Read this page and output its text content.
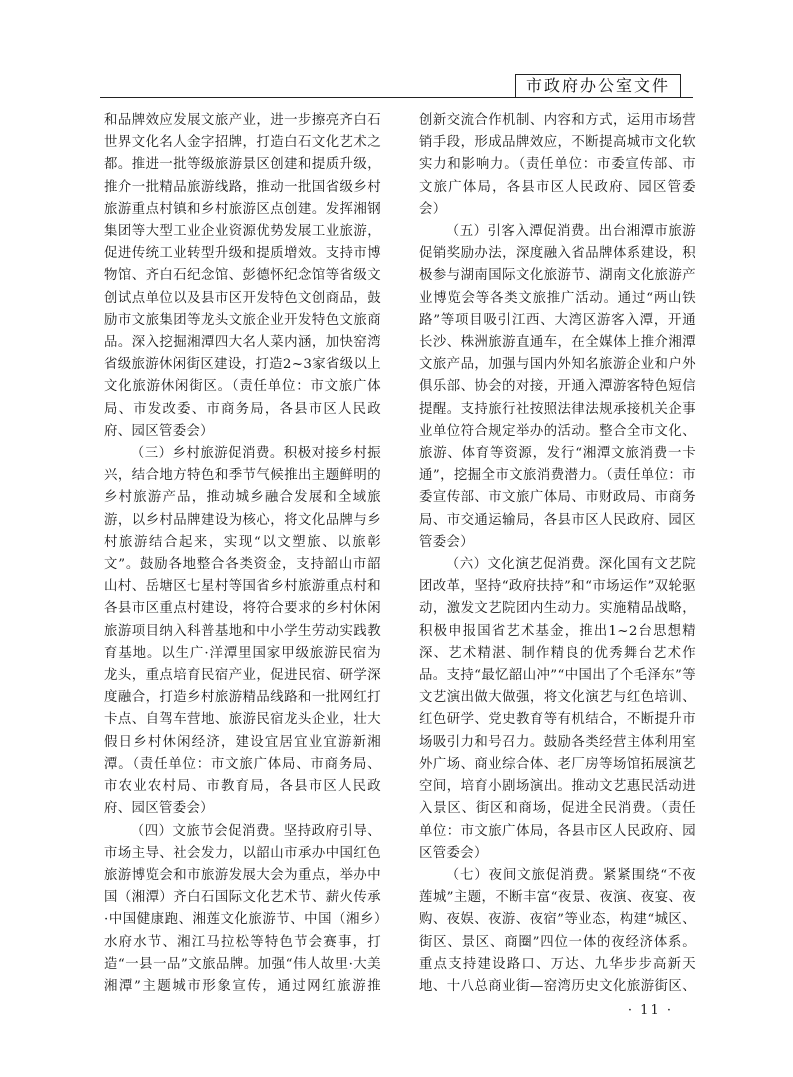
市政府办公室文件

和品牌效应发展文旅产业，进一步擦亮齐白石世界文化名人金字招牌，打造白石文化艺术之都。推进一批等级旅游景区创建和提质升级，推介一批精品旅游线路，推动一批国省级乡村旅游重点村镇和乡村旅游区点创建。发挥湘钢集团等大型工业企业资源优势发展工业旅游，促进传统工业转型升级和提质增效。支持市博物馆、齐白石纪念馆、彭德怀纪念馆等省级文创试点单位以及县市区开发特色文创商品，鼓励市文旅集团等龙头文旅企业开发特色文旅商品。深入挖掘湘潭四大名人菜内涵，加快窑湾省级旅游休闲街区建设，打造2~3家省级以上文化旅游休闲街区。（责任单位：市文旅广体局、市发改委、市商务局，各县市区人民政府、园区管委会）

（三）乡村旅游促消费。积极对接乡村振兴，结合地方特色和季节气候推出主题鲜明的乡村旅游产品，推动城乡融合发展和全域旅游，以乡村品牌建设为核心，将文化品牌与乡村旅游结合起来，实现“以文塑旅、以旅彰文”。鼓励各地整合各类资金，支持韶山市韶山村、岳塘区七星村等国省乡村旅游重点村和各县市区重点村建设，将符合要求的乡村休闲旅游项目纳入科普基地和中小学生劳动实践教育基地。以生广·洋潭里国家甲级旅游民宿为龙头，重点培育民宿产业，促进民宿、研学深度融合，打造乡村旅游精品线路和一批网红打卡点、自驾车营地、旅游民宿龙头企业，壮大假日乡村休闲经济，建设宜居宜业宜游新湘潭。（责任单位：市文旅广体局、市商务局、市农业农村局、市教育局，各县市区人民政府、园区管委会）

（四）文旅节会促消费。坚持政府引导、市场主导、社会发力，以韶山市承办中国红色旅游博览会和市旅游发展大会为重点，举办中国（湘潭）齐白石国际文化艺术节、薪火传承·中国健康跑、湘莲文化旅游节、中国（湘乡）水府水节、湘江马拉松等特色节会赛事，打造“一县一品”文旅品牌。加强“伟人故里·大美湘潭”主题城市形象宣传，通过网红旅游推

创新交流合作机制、内容和方式，运用市场营销手段，形成品牌效应，不断提高城市文化软实力和影响力。（责任单位：市委宣传部、市文旅广体局，各县市区人民政府、园区管委会）

（五）引客入潭促消费。出台湘潭市旅游促销奖励办法，深度融入省品牌体系建设，积极参与湖南国际文化旅游节、湖南文化旅游产业博览会等各类文旅推广活动。通过“两山铁路”等项目吸引江西、大湾区游客入潭，开通长沙、株洲旅游直通车，在全媒体上推介湘潭文旅产品，加强与国内外知名旅游企业和户外俱乐部、协会的对接，开通入潭游客特色短信提醒。支持旅行社按照法律法规承接机关企事业单位符合规定举办的活动。整合全市文化、旅游、体育等资源，发行“湘潭文旅消费一卡通”，挖掘全市文旅消费潜力。（责任单位：市委宣传部、市文旅广体局、市财政局、市商务局、市交通运输局，各县市区人民政府、园区管委会）

（六）文化演艺促消费。深化国有文艺院团改革，坚持“政府扶持”和“市场运作”双轮驱动，激发文艺院团内生动力。实施精品战略，积极申报国省艺术基金，推出1~2台思想精深、艺术精湛、制作精良的优秀舞台艺术作品。支持“最忆韶山冲”“中国出了个毛泽东”等文艺演出做大做强，将文化演艺与红色培训、红色研学、党史教育等有机结合，不断提升市场吸引力和号召力。鼓励各类经营主体利用室外广场、商业综合体、老厂房等场馆拓展演艺空间，培育小剧场演出。推动文艺惠民活动进入景区、街区和商场，促进全民消费。（责任单位：市文旅广体局，各县市区人民政府、园区管委会）

（七）夜间文旅促消费。紧紧围绕“不夜莲城”主题，不断丰富“夜景、夜演、夜宴、夜购、夜娱、夜游、夜宿”等业态，构建“城区、街区、景区、商圈”四位一体的夜经济体系。重点支持建设路口、万达、九华步步高新天地、十八总商业街—窑湾历史文化旅游街区、

· 11 ·
